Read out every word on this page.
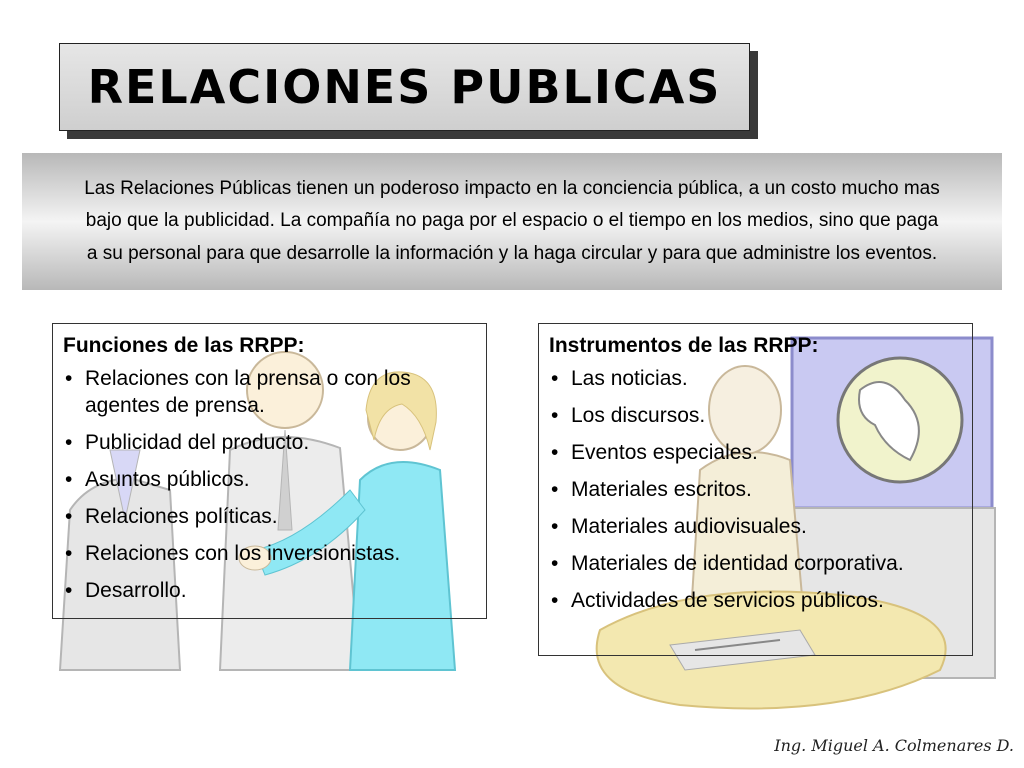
RELACIONES PUBLICAS

Las Relaciones Públicas tienen un poderoso impacto en la conciencia pública, a un costo mucho mas bajo que la publicidad. La compañía no paga por el espacio o el tiempo en los medios, sino que paga a su personal para que desarrolle la información y la haga circular y para que administre los eventos.

Funciones de las RRPP:
• Relaciones con la prensa o con los agentes de prensa.
• Publicidad del producto.
• Asuntos públicos.
• Relaciones políticas.
• Relaciones con los inversionistas.
• Desarrollo.
Instrumentos de las RRPP:
• Las noticias.
• Los discursos.
• Eventos especiales.
• Materiales escritos.
• Materiales audiovisuales.
• Materiales de identidad corporativa.
• Actividades de servicios públicos.
Ing. Miguel A. Colmenares D.
